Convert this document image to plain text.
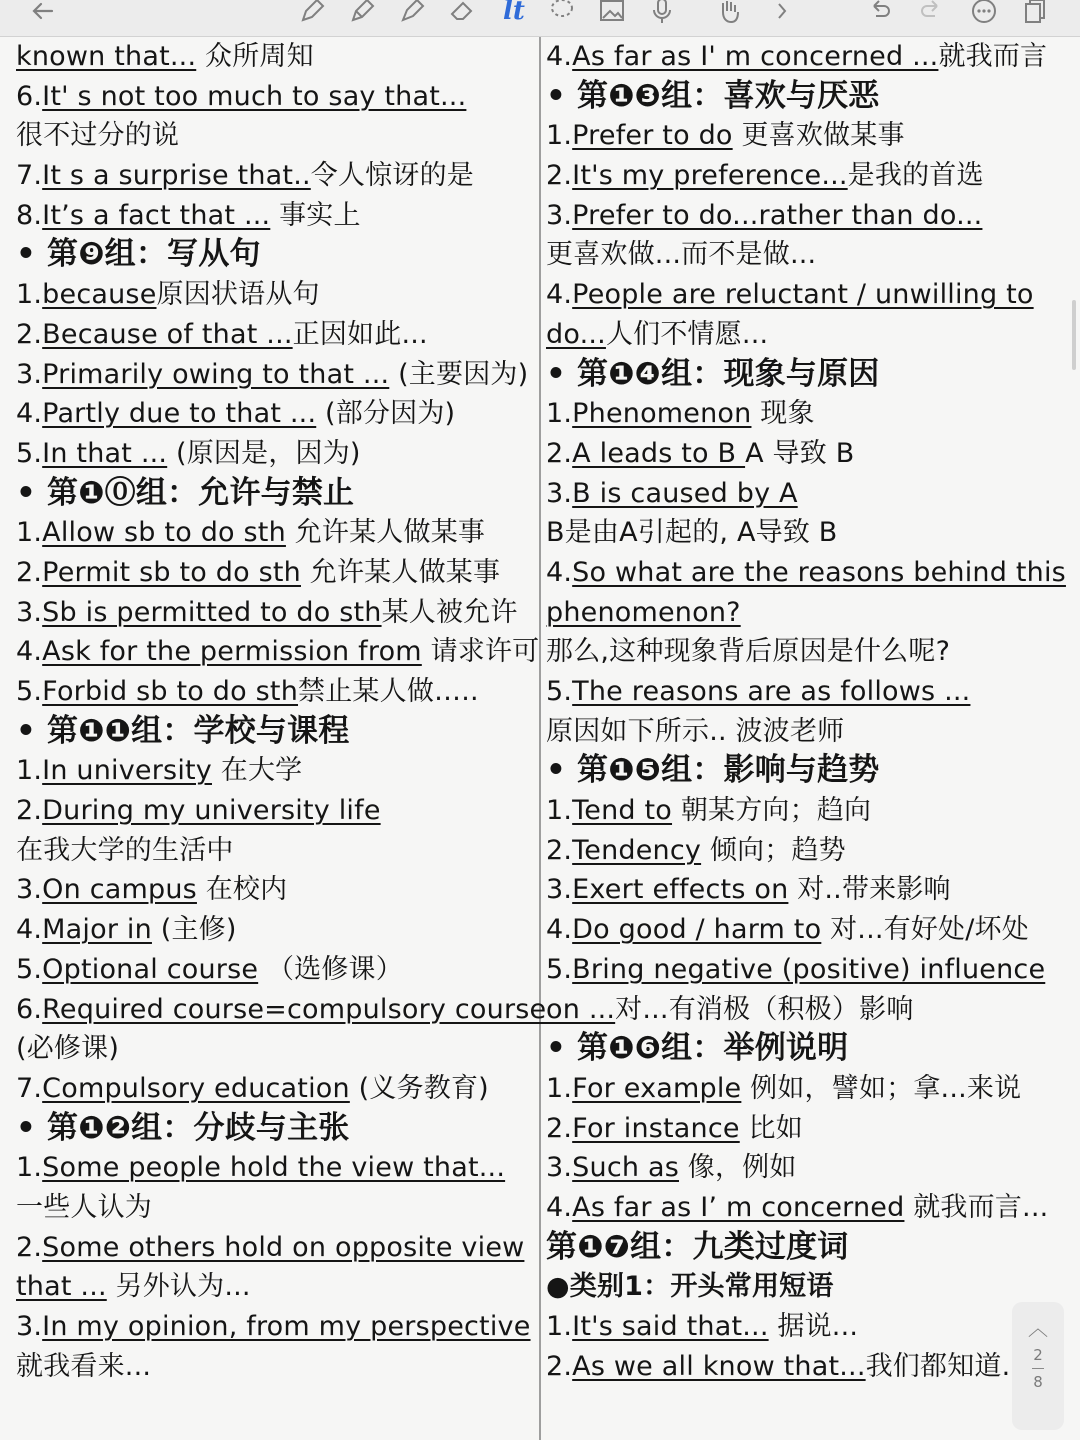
lt
known that... 众所周知
6.It' s not too much to say that...
很不过分的说
7.It s a surprise that..令人惊讶的是
8.It’s a fact that ... 事实上
• 第❾组：写从句
1.because原因状语从句
2.Because of that ...正因如此...
3.Primarily owing to that ... (主要因为)
4.Partly due to that ... (部分因为)
5.In that ... (原因是，因为)
• 第❶⓪组：允许与禁止
1.Allow sb to do sth 允许某人做某事
2.Permit sb to do sth 允许某人做某事
3.Sb is permitted to do sth某人被允许
4.Ask for the permission from 请求许可
5.Forbid sb to do sth禁止某人做…..
• 第❶❶组：学校与课程
1.In university 在大学
2.During my university life
在我大学的生活中
3.On campus 在校内
4.Major in (主修)
5.Optional course （选修课）
6.Required course=compulsory course
(必修课)
7.Compulsory education (义务教育)
• 第❶❷组：分歧与主张
1.Some people hold the view that...
一些人认为
2.Some others hold on opposite view
that ... 另外认为...
3.In my opinion, from my perspective
就我看来...
4.As far as I' m concerned ...就我而言
• 第❶❸组：喜欢与厌恶
1.Prefer to do 更喜欢做某事
2.It's my preference...是我的首选
3.Prefer to do...rather than do...
更喜欢做...而不是做...
4.People are reluctant / unwilling to
do...人们不情愿...
• 第❶❹组：现象与原因
1.Phenomenon 现象
2.A leads to B A 导致 B
3.B is caused by A
B是由A引起的, A导致 B
4.So what are the reasons behind this
phenomenon?
那么,这种现象背后原因是什么呢?
5.The reasons are as follows ...
原因如下所示.. 波波老师
• 第❶❺组：影响与趋势
1.Tend to 朝某方向；趋向
2.Tendency 倾向；趋势
3.Exert effects on 对..带来影响
4.Do good / harm to 对...有好处/坏处
5.Bring negative (positive) influence
on ...对...有消极（积极）影响
• 第❶❻组：举例说明
1.For example 例如，譬如；拿...来说
2.For instance 比如
3.Such as 像，例如
4.As far as I’ m concerned 就我而言...
第❶❼组：九类过度词
●类别1：开头常用短语
1.It's said that... 据说...
2.As we all know that...我们都知道.
︿
2
8
